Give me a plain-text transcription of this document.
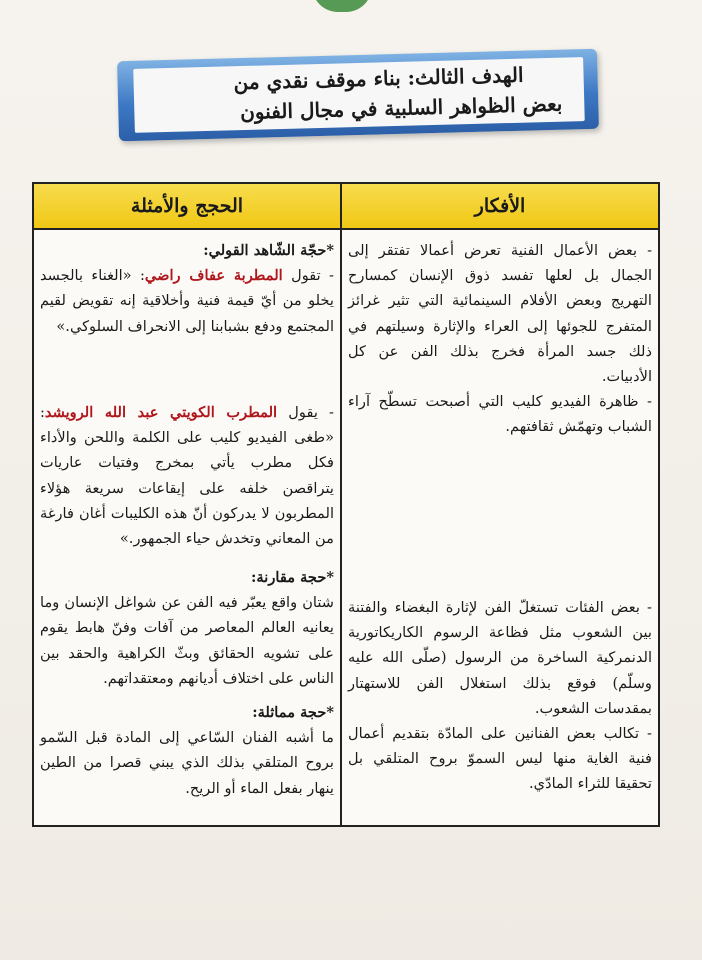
الهدف الثالث: بناء موقف نقدي من
بعض الظواهر السلبية في مجال الفنون
الحجج والأمثلة	الأفكار

- بعض الأعمال الفنية تعرض أعمالا تفتقر إلى الجمال بل لعلها تفسد ذوق الإنسان كمسارح التهريج وبعض الأفلام السينمائية التي تثير غرائز المتفرج للجوئها إلى العراء والإثارة وسيلتهم في ذلك جسد المرأة فخرج بذلك الفن عن كل الأدبيات.

- ظاهرة الفيديو كليب التي أصبحت تسطّح آراء الشباب وتهمّش ثقافتهم.

- بعض الفئات تستغلّ الفن لإثارة البغضاء والفتنة بين الشعوب مثل فظاعة الرسوم الكاريكاتورية الدنمركية الساخرة من الرسول (صلّى الله عليه وسلّم) فوقع بذلك استغلال الفن للاستهتار بمقدسات الشعوب.

- تكالب بعض الفنانين على المادّة بتقديم أعمال فنية الغاية منها ليس السموّ بروح المتلقي بل تحقيقا للثراء المادّي.

*حجّة الشّاهد القولي:

- تقول المطربة عفاف راضي: «الغناء بالجسد يخلو من أيّ قيمة فنية وأخلاقية إنه تقويض لقيم المجتمع ودفع بشبابنا إلى الانحراف السلوكي.»

- يقول المطرب الكويتي عبد الله الرويشد: «طغى الفيديو كليب على الكلمة واللحن والأداء فكل مطرب يأتي بمخرج وفتيات عاريات يتراقصن خلفه على إيقاعات سريعة هؤلاء المطربون لا يدركون أنّ هذه الكليبات أغان فارغة من المعاني وتخدش حياء الجمهور.»

*حجة مقارنة:

شتان واقع يعبّر فيه الفن عن شواغل الإنسان وما يعانيه العالم المعاصر من آفات وفنّ هابط يقوم على تشويه الحقائق وبثّ الكراهية والحقد بين الناس على اختلاف أديانهم ومعتقداتهم.

*حجة مماثلة:

ما أشبه الفنان السّاعي إلى المادة قبل السّمو بروح المتلقي بذلك الذي يبني قصرا من الطين ينهار بفعل الماء أو الريح.
